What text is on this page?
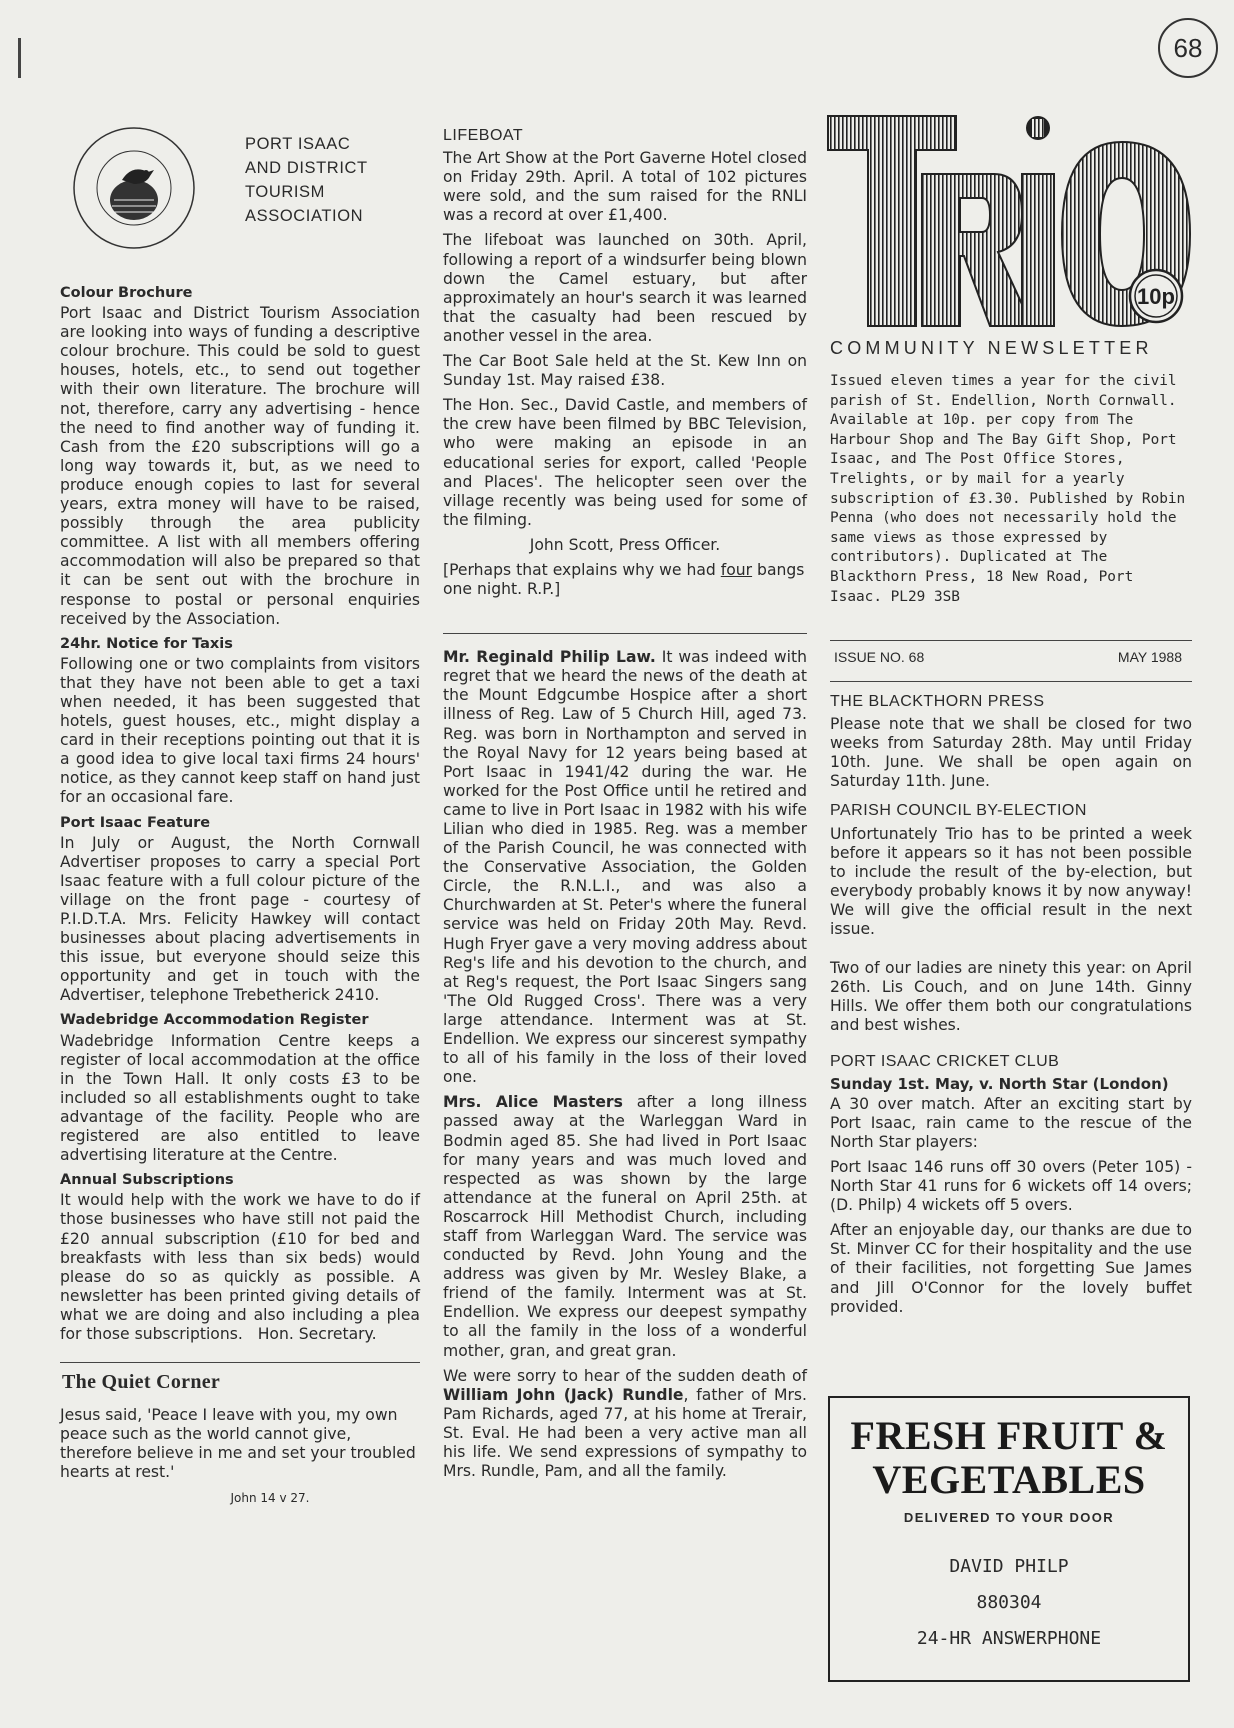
68
PORT ISAAC
AND DISTRICT
TOURISM
ASSOCIATION
Colour Brochure

Port Isaac and District Tourism Association are looking into ways of funding a descriptive colour brochure. This could be sold to guest houses, hotels, etc., to send out together with their own literature. The brochure will not, therefore, carry any advertising - hence the need to find another way of funding it. Cash from the £20 subscriptions will go a long way towards it, but, as we need to produce enough copies to last for several years, extra money will have to be raised, possibly through the area publicity committee. A list with all members offering accommodation will also be prepared so that it can be sent out with the brochure in response to postal or personal enquiries received by the Association.

24hr. Notice for Taxis

Following one or two complaints from visitors that they have not been able to get a taxi when needed, it has been suggested that hotels, guest houses, etc., might display a card in their receptions pointing out that it is a good idea to give local taxi firms 24 hours' notice, as they cannot keep staff on hand just for an occasional fare.

Port Isaac Feature

In July or August, the North Cornwall Advertiser proposes to carry a special Port Isaac feature with a full colour picture of the village on the front page - courtesy of P.I.D.T.A. Mrs. Felicity Hawkey will contact businesses about placing advertisements in this issue, but everyone should seize this opportunity and get in touch with the Advertiser, telephone Trebetherick 2410.

Wadebridge Accommodation Register

Wadebridge Information Centre keeps a register of local accommodation at the office in the Town Hall. It only costs £3 to be included so all establishments ought to take advantage of the facility. People who are registered are also entitled to leave advertising literature at the Centre.

Annual Subscriptions

It would help with the work we have to do if those businesses who have still not paid the £20 annual subscription (£10 for bed and breakfasts with less than six beds) would please do so as quickly as possible. A newsletter has been printed giving details of what we are doing and also including a plea for those subscriptions. Hon. Secretary.

The Quiet Corner

Jesus said, 'Peace I leave with you, my own peace such as the world cannot give, therefore believe in me and set your troubled hearts at rest.'

John 14 v 27.

LIFEBOAT

The Art Show at the Port Gaverne Hotel closed on Friday 29th. April. A total of 102 pictures were sold, and the sum raised for the RNLI was a record at over £1,400.

The lifeboat was launched on 30th. April, following a report of a windsurfer being blown down the Camel estuary, but after approximately an hour's search it was learned that the casualty had been rescued by another vessel in the area.

The Car Boot Sale held at the St. Kew Inn on Sunday 1st. May raised £38.

The Hon. Sec., David Castle, and members of the crew have been filmed by BBC Television, who were making an episode in an educational series for export, called 'People and Places'. The helicopter seen over the village recently was being used for some of the filming.

John Scott, Press Officer.

[Perhaps that explains why we had four bangs one night. R.P.]

Mr. Reginald Philip Law. It was indeed with regret that we heard the news of the death at the Mount Edgcumbe Hospice after a short illness of Reg. Law of 5 Church Hill, aged 73. Reg. was born in Northampton and served in the Royal Navy for 12 years being based at Port Isaac in 1941/42 during the war. He worked for the Post Office until he retired and came to live in Port Isaac in 1982 with his wife Lilian who died in 1985. Reg. was a member of the Parish Council, he was connected with the Conservative Association, the Golden Circle, the R.N.L.I., and was also a Churchwarden at St. Peter's where the funeral service was held on Friday 20th May. Revd. Hugh Fryer gave a very moving address about Reg's life and his devotion to the church, and at Reg's request, the Port Isaac Singers sang 'The Old Rugged Cross'. There was a very large attendance. Interment was at St. Endellion. We express our sincerest sympathy to all of his family in the loss of their loved one.

Mrs. Alice Masters after a long illness passed away at the Warleggan Ward in Bodmin aged 85. She had lived in Port Isaac for many years and was much loved and respected as was shown by the large attendance at the funeral on April 25th. at Roscarrock Hill Methodist Church, including staff from Warleggan Ward. The service was conducted by Revd. John Young and the address was given by Mr. Wesley Blake, a friend of the family. Interment was at St. Endellion. We express our deepest sympathy to all the family in the loss of a wonderful mother, gran, and great gran.

We were sorry to hear of the sudden death of William John (Jack) Rundle, father of Mrs. Pam Richards, aged 77, at his home at Trerair, St. Eval. He had been a very active man all his life. We send expressions of sympathy to Mrs. Rundle, Pam, and all the family.

10p
COMMUNITY NEWSLETTER
Issued eleven times a year for the civil parish of St. Endellion, North Cornwall. Available at 10p. per copy from The Harbour Shop and The Bay Gift Shop, Port Isaac, and The Post Office Stores, Trelights, or by mail for a yearly subscription of £3.30. Published by Robin Penna (who does not necessarily hold the same views as those expressed by contributors). Duplicated at The Blackthorn Press, 18 New Road, Port Isaac. PL29 3SB
ISSUE NO. 68	MAY 1988
THE BLACKTHORN PRESS

Please note that we shall be closed for two weeks from Saturday 28th. May until Friday 10th. June. We shall be open again on Saturday 11th. June.

PARISH COUNCIL BY-ELECTION

Unfortunately Trio has to be printed a week before it appears so it has not been possible to include the result of the by-election, but everybody probably knows it by now anyway! We will give the official result in the next issue.

Two of our ladies are ninety this year: on April 26th. Lis Couch, and on June 14th. Ginny Hills. We offer them both our congratulations and best wishes.

PORT ISAAC CRICKET CLUB
Sunday 1st. May, v. North Star (London)

A 30 over match. After an exciting start by Port Isaac, rain came to the rescue of the North Star players:

Port Isaac 146 runs off 30 overs (Peter 105) - North Star 41 runs for 6 wickets off 14 overs; (D. Philp) 4 wickets off 5 overs.

After an enjoyable day, our thanks are due to St. Minver CC for their hospitality and the use of their facilities, not forgetting Sue James and Jill O'Connor for the lovely buffet provided.

FRESH FRUIT &
VEGETABLES
DELIVERED TO YOUR DOOR
DAVID PHILP
880304
24-HR ANSWERPHONE
